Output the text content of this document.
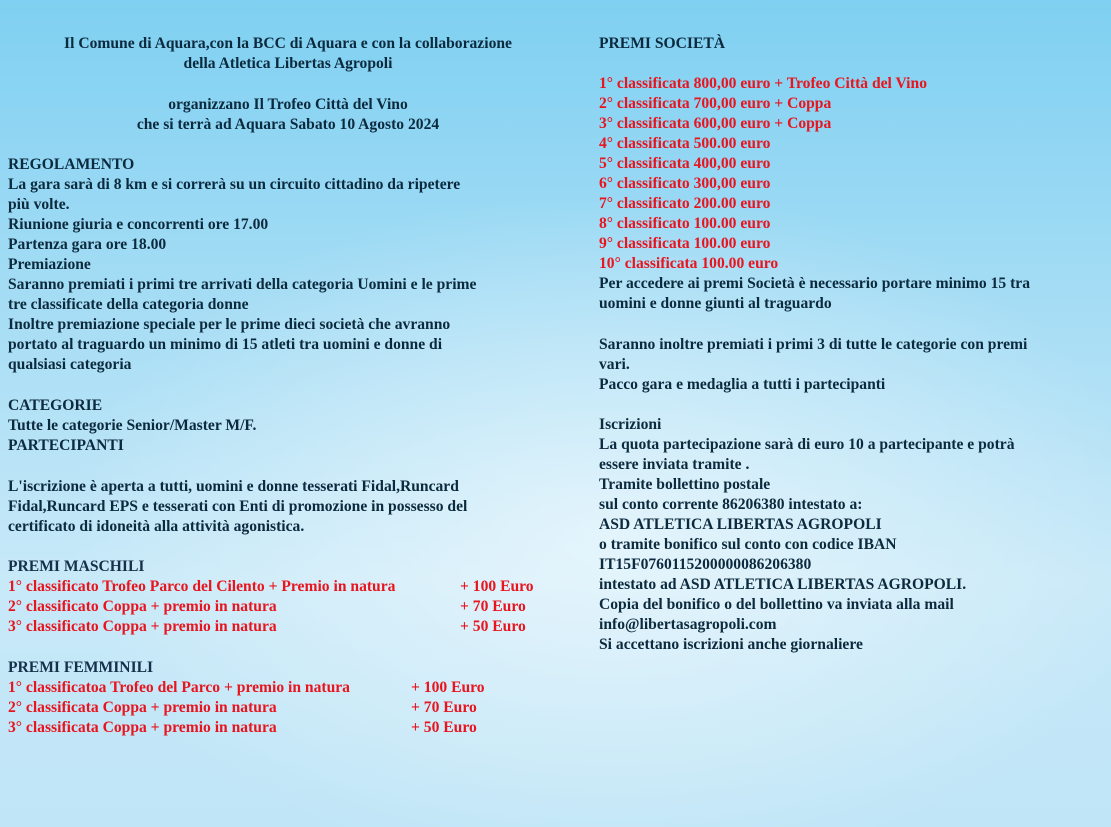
Il Comune di Aquara,con la BCC di Aquara e con la collaborazione
della Atletica Libertas Agropoli
organizzano Il Trofeo Città del Vino
che si terrà ad Aquara Sabato 10 Agosto 2024
REGOLAMENTO
La gara sarà di 8 km e si correrà su un circuito cittadino da ripetere
più volte.
Riunione giuria e concorrenti ore 17.00
Partenza gara ore 18.00
Premiazione
Saranno premiati i primi tre arrivati della categoria Uomini e le prime
tre classificate della categoria donne
Inoltre premiazione speciale per le prime dieci società che avranno
portato al traguardo un minimo di 15 atleti tra uomini e donne di
qualsiasi categoria
CATEGORIE
Tutte le categorie Senior/Master M/F.
PARTECIPANTI
L'iscrizione è aperta a tutti, uomini e donne tesserati Fidal,Runcard
Fidal,Runcard EPS e tesserati con Enti di promozione in possesso del
certificato di idoneità alla attività agonistica.
PREMI MASCHILI
1° classificato Trofeo Parco del Cilento + Premio in natura	+ 100 Euro
2° classificato Coppa + premio in natura	+ 70 Euro
3° classificato Coppa + premio in natura	+ 50 Euro
PREMI FEMMINILI
1° classificatoa Trofeo del Parco + premio in natura	+ 100 Euro
2° classificata Coppa + premio in natura	+ 70 Euro
3° classificata Coppa + premio in natura	+ 50 Euro
PREMI SOCIETÀ
1° classificata 800,00 euro + Trofeo Città del Vino
2° classificata 700,00 euro + Coppa
3° classificata 600,00 euro + Coppa
4° classificata 500.00 euro
5° classificata 400,00 euro
6° classificato 300,00 euro
7° classificato 200.00 euro
8° classificato 100.00 euro
9° classificata 100.00 euro
10° classificata 100.00 euro
Per accedere ai premi Società è necessario portare minimo 15 tra
uomini e donne giunti al traguardo
Saranno inoltre premiati i primi 3 di tutte le categorie con premi
vari.
Pacco gara e medaglia a tutti i partecipanti
Iscrizioni
La quota partecipazione sarà di euro 10 a partecipante e potrà
essere inviata tramite .
Tramite bollettino postale
sul conto corrente 86206380 intestato a:
ASD ATLETICA LIBERTAS AGROPOLI
o tramite bonifico sul conto con codice IBAN
IT15F0760115200000086206380
intestato ad ASD ATLETICA LIBERTAS AGROPOLI.
Copia del bonifico o del bollettino va inviata alla mail
info@libertasagropoli.com
Si accettano iscrizioni anche giornaliere
